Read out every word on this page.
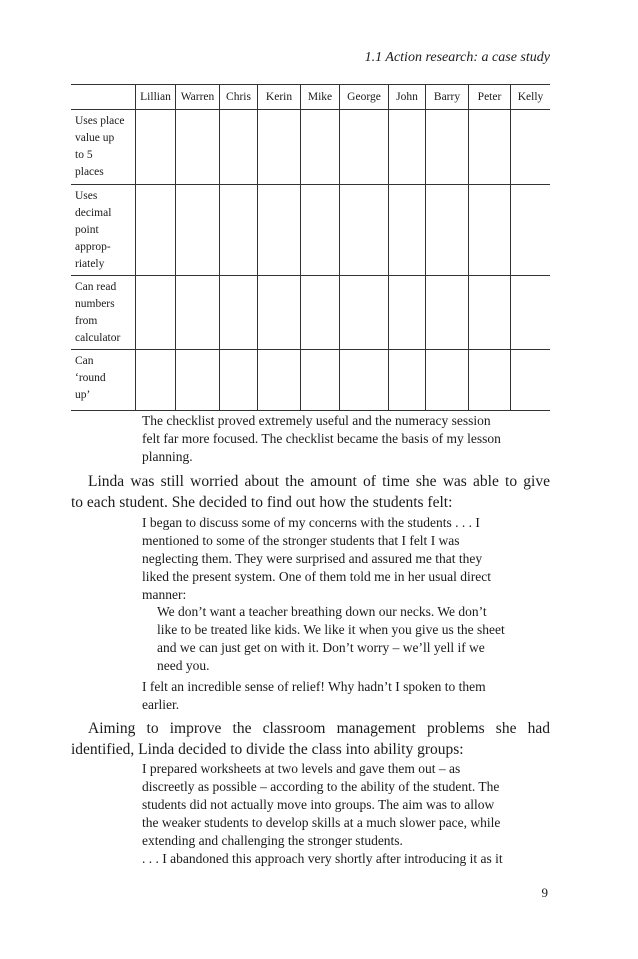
1.1 Action research: a case study
	Lillian	Warren	Chris	Kerin	Mike	George	John	Barry	Peter	Kelly

Uses place
value up
to 5
places										

Uses
decimal
point
approp-
riately										

Can read
numbers
from
calculator										

Can
‘round
up’										

The checklist proved extremely useful and the numeracy session
felt far more focused. The checklist became the basis of my lesson
planning.
Linda was still worried about the amount of time she was able to give
to each student. She decided to find out how the students felt:
I began to discuss some of my concerns with the students . . . I
mentioned to some of the stronger students that I felt I was
neglecting them. They were surprised and assured me that they
liked the present system. One of them told me in her usual direct
manner:
We don’t want a teacher breathing down our necks. We don’t
like to be treated like kids. We like it when you give us the sheet
and we can just get on with it. Don’t worry – we’ll yell if we
need you.
I felt an incredible sense of relief! Why hadn’t I spoken to them
earlier.
Aiming to improve the classroom management problems she had
identified, Linda decided to divide the class into ability groups:
I prepared worksheets at two levels and gave them out – as
discreetly as possible – according to the ability of the student. The
students did not actually move into groups. The aim was to allow
the weaker students to develop skills at a much slower pace, while
extending and challenging the stronger students.
. . . I abandoned this approach very shortly after introducing it as it
9
